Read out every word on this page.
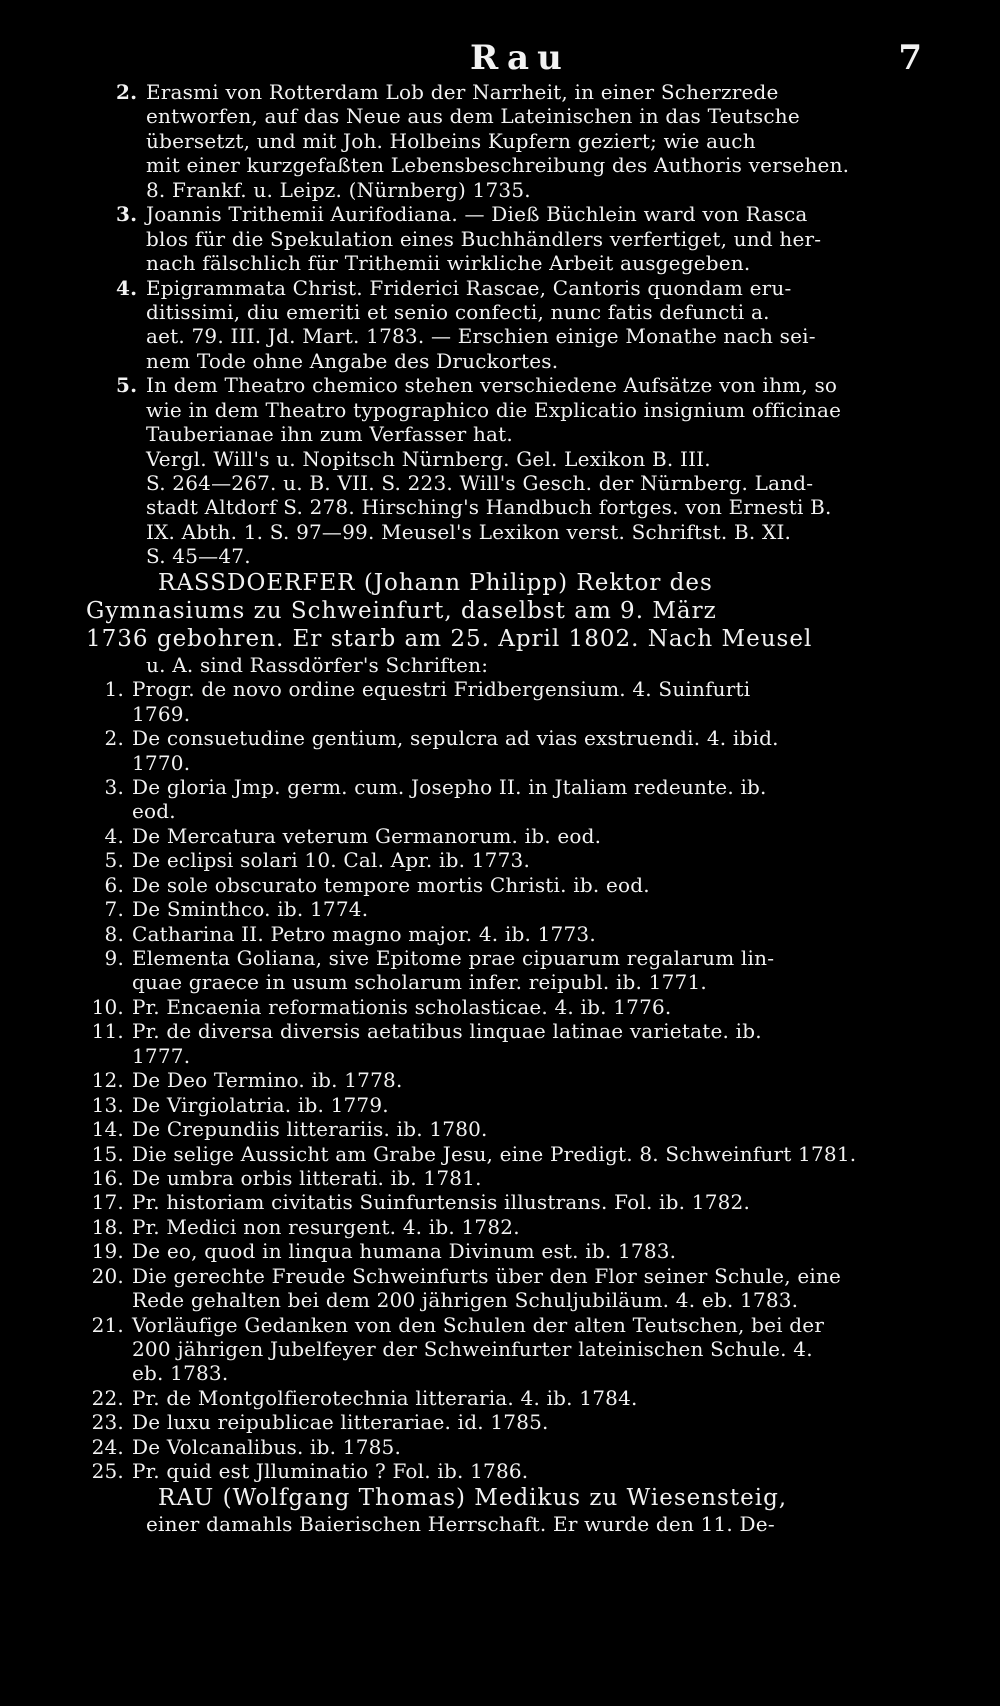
Rau	7
2. Erasmi von Rotterdam Lob der Narrheit, in einer Scherzrede
entworfen, auf das Neue aus dem Lateinischen in das Teutsche
übersetzt, und mit Joh. Holbeins Kupfern geziert; wie auch
mit einer kurzgefaßten Lebensbeschreibung des Authoris versehen.
8. Frankf. u. Leipz. (Nürnberg) 1735.
3. Joannis Trithemii Aurifodiana. — Dieß Büchlein ward von Rasca
blos für die Spekulation eines Buchhändlers verfertiget, und her-
nach fälschlich für Trithemii wirkliche Arbeit ausgegeben.
4. Epigrammata Christ. Friderici Rascae, Cantoris quondam eru-
ditissimi, diu emeriti et senio confecti, nunc fatis defuncti a.
aet. 79. III. Jd. Mart. 1783. — Erschien einige Monathe nach sei-
nem Tode ohne Angabe des Druckortes.
5. In dem Theatro chemico stehen verschiedene Aufsätze von ihm, so
wie in dem Theatro typographico die Explicatio insignium officinae
Tauberianae ihn zum Verfasser hat.
Vergl. Will's u. Nopitsch Nürnberg. Gel. Lexikon B. III.
S. 264—267. u. B. VII. S. 223. Will's Gesch. der Nürnberg. Land-
stadt Altdorf S. 278. Hirsching's Handbuch fortges. von Ernesti B.
IX. Abth. 1. S. 97—99. Meusel's Lexikon verst. Schriftst. B. XI.
S. 45—47.
RASSDOERFER (Johann Philipp) Rektor des
Gymnasiums zu Schweinfurt, daselbst am 9. März
1736 gebohren. Er starb am 25. April 1802. Nach Meusel
u. A. sind Rassdörfer's Schriften:
1. Progr. de novo ordine equestri Fridbergensium. 4. Suinfurti
1769.
2. De consuetudine gentium, sepulcra ad vias exstruendi. 4. ibid.
1770.
3. De gloria Jmp. germ. cum. Josepho II. in Jtaliam redeunte. ib.
eod.
4. De Mercatura veterum Germanorum. ib. eod.
5. De eclipsi solari 10. Cal. Apr. ib. 1773.
6. De sole obscurato tempore mortis Christi. ib. eod.
7. De Sminthco. ib. 1774.
8. Catharina II. Petro magno major. 4. ib. 1773.
9. Elementa Goliana, sive Epitome prae cipuarum regalarum lin-
quae graece in usum scholarum infer. reipubl. ib. 1771.
10. Pr. Encaenia reformationis scholasticae. 4. ib. 1776.
11. Pr. de diversa diversis aetatibus linquae latinae varietate. ib.
1777.
12. De Deo Termino. ib. 1778.
13. De Virgiolatria. ib. 1779.
14. De Crepundiis litterariis. ib. 1780.
15. Die selige Aussicht am Grabe Jesu, eine Predigt. 8. Schweinfurt 1781.
16. De umbra orbis litterati. ib. 1781.
17. Pr. historiam civitatis Suinfurtensis illustrans. Fol. ib. 1782.
18. Pr. Medici non resurgent. 4. ib. 1782.
19. De eo, quod in linqua humana Divinum est. ib. 1783.
20. Die gerechte Freude Schweinfurts über den Flor seiner Schule, eine
Rede gehalten bei dem 200 jährigen Schuljubiläum. 4. eb. 1783.
21. Vorläufige Gedanken von den Schulen der alten Teutschen, bei der
200 jährigen Jubelfeyer der Schweinfurter lateinischen Schule. 4.
eb. 1783.
22. Pr. de Montgolfierotechnia litteraria. 4. ib. 1784.
23. De luxu reipublicae litterariae. id. 1785.
24. De Volcanalibus. ib. 1785.
25. Pr. quid est Jlluminatio ? Fol. ib. 1786.
RAU (Wolfgang Thomas) Medikus zu Wiesensteig,
einer damahls Baierischen Herrschaft. Er wurde den 11. De-
